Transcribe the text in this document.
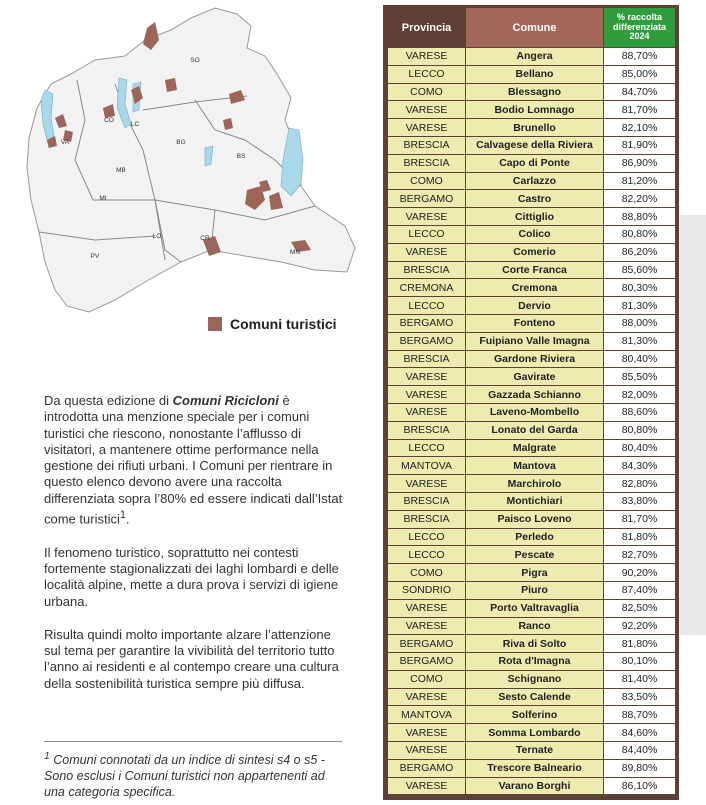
SO
CO
LC
VA	BG
BS
MB
MI
LO	CR
PV
MN
Comuni turistici

Da questa edizione di Comuni Ricicloni è introdotta una menzione speciale per i comuni turistici che riescono, nonostante l’afflusso di visitatori, a mantenere ottime performance nella gestione dei rifiuti urbani. I Comuni per rientrare in questo elenco devono avere una raccolta differenziata sopra l’80% ed essere indicati dall’Istat come turistici$^1$.

Il fenomeno turistico, soprattutto nei contesti fortemente stagionalizzati dei laghi lombardi e delle località alpine, mette a dura prova i servizi di igiene urbana.

Risulta quindi molto importante alzare l’attenzione sul tema per garantire la vivibilità del territorio tutto l’anno ai residenti e al contempo creare una cultura della sostenibilità turistica sempre più diffusa.

$^1$ Comuni connotati da un indice di sintesi s4 o s5 - Sono esclusi i Comuni turistici non appartenenti ad una categoria specifica.
Provincia	Comune	% raccolta differenziata 2024
VARESE	Angera	88,70%
LECCO	Bellano	85,00%
COMO	Blessagno	84,70%
VARESE	Bodio Lomnago	81,70%
VARESE	Brunello	82,10%
BRESCIA	Calvagese della Riviera	81,90%
BRESCIA	Capo di Ponte	86,90%
COMO	Carlazzo	81,20%
BERGAMO	Castro	82,20%
VARESE	Cittiglio	88,80%
LECCO	Colico	80,80%
VARESE	Comerio	86,20%
BRESCIA	Corte Franca	85,60%
CREMONA	Cremona	80,30%
LECCO	Dervio	81,30%
BERGAMO	Fonteno	88,00%
BERGAMO	Fuipiano Valle Imagna	81,30%
BRESCIA	Gardone Riviera	80,40%
VARESE	Gavirate	85,50%
VARESE	Gazzada Schianno	82,00%
VARESE	Laveno-Mombello	88,60%
BRESCIA	Lonato del Garda	80,80%
LECCO	Malgrate	80,40%
MANTOVA	Mantova	84,30%
VARESE	Marchirolo	82,80%
BRESCIA	Montichiari	83,80%
BRESCIA	Paisco Loveno	81,70%
LECCO	Perledo	81,80%
LECCO	Pescate	82,70%
COMO	Pigra	90,20%
SONDRIO	Piuro	87,40%
VARESE	Porto Valtravaglia	82,50%
VARESE	Ranco	92,20%
BERGAMO	Riva di Solto	81,80%
BERGAMO	Rota d'Imagna	80,10%
COMO	Schignano	81,40%
VARESE	Sesto Calende	83,50%
MANTOVA	Solferino	88,70%
VARESE	Somma Lombardo	84,60%
VARESE	Ternate	84,40%
BERGAMO	Trescore Balneario	89,80%
VARESE	Varano Borghi	86,10%
